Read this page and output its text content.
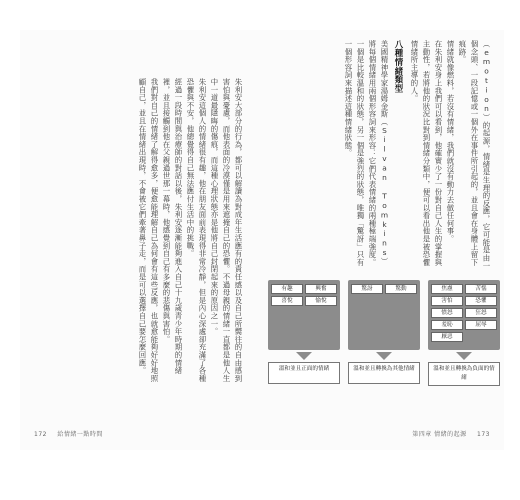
朱利安大部分的行為，都可以解讀為對成年生活應有的責任感以及自己所嚮往的自由感到害怕與憂慮，而他表面的冷漠僅是用來遮掩自己的恐懼。不過母親的情緒一直都是他人生中一道最隱晦的傷痕，而這種心理狀態亦是他將自己封閉起來的原因之一。

朱利安這個人的情緒很有趣，他在朋友面前表現得非常冷靜，但是內心深處卻充滿了各種恐懼與不安，他總覺得自己無法應付生活中的挑戰。

經過一段時間與治療師的對話以後，朱利安逐漸能夠進入自己十九歲青少年時期的情緒裡，並且接觸到他在父親過世那一幕時，他感覺到自己有多麼的悲傷與害怕。

我們對自己的情緒了解得愈多，便愈能理解自己為何會有這些反應，也就愈能夠好好地照顧自己，並且在情緒出現時，不會被它們牽著鼻子走，而是可以選擇自己要怎麼回應。

172 給情緒一點時間

（emotion）的起源，情緒是生理的反應，它可能是由一個念頭、一段記憶或一個外在事件所引起的，並且會在身體上留下痕跡。

情緒就像燃料，若沒有情緒，我們就沒有動力去做任何事。

在朱利安身上我們可以看到，他確實少了一份對自己人生的掌握與主動性，若將他的狀況比對到情緒分類中，便可以看出他是被恐懼情緒所主導的人。

八種情緒類型

美國精神學家湯姆金斯（Silvan Tomkins）將每個情緒用兩個形容詞來形容：它們代表情緒的兩種極端強度。一個是比較溫和的狀態，另一個是強烈的狀態，唯獨「驚訝」只有一個形容詞來描述這種情緒狀態。

有趣	興奮
喜悅	愉悅
溫和並且正面的情緒
驚訝	驚動
溫和並且轉換為其他情緒
焦慮	苦惱
害怕	恐懼
憤怒	狂怒
羞恥	屈辱
厭惡
溫和並且轉換為負面的情緒
第四章 情緒的起源 173
